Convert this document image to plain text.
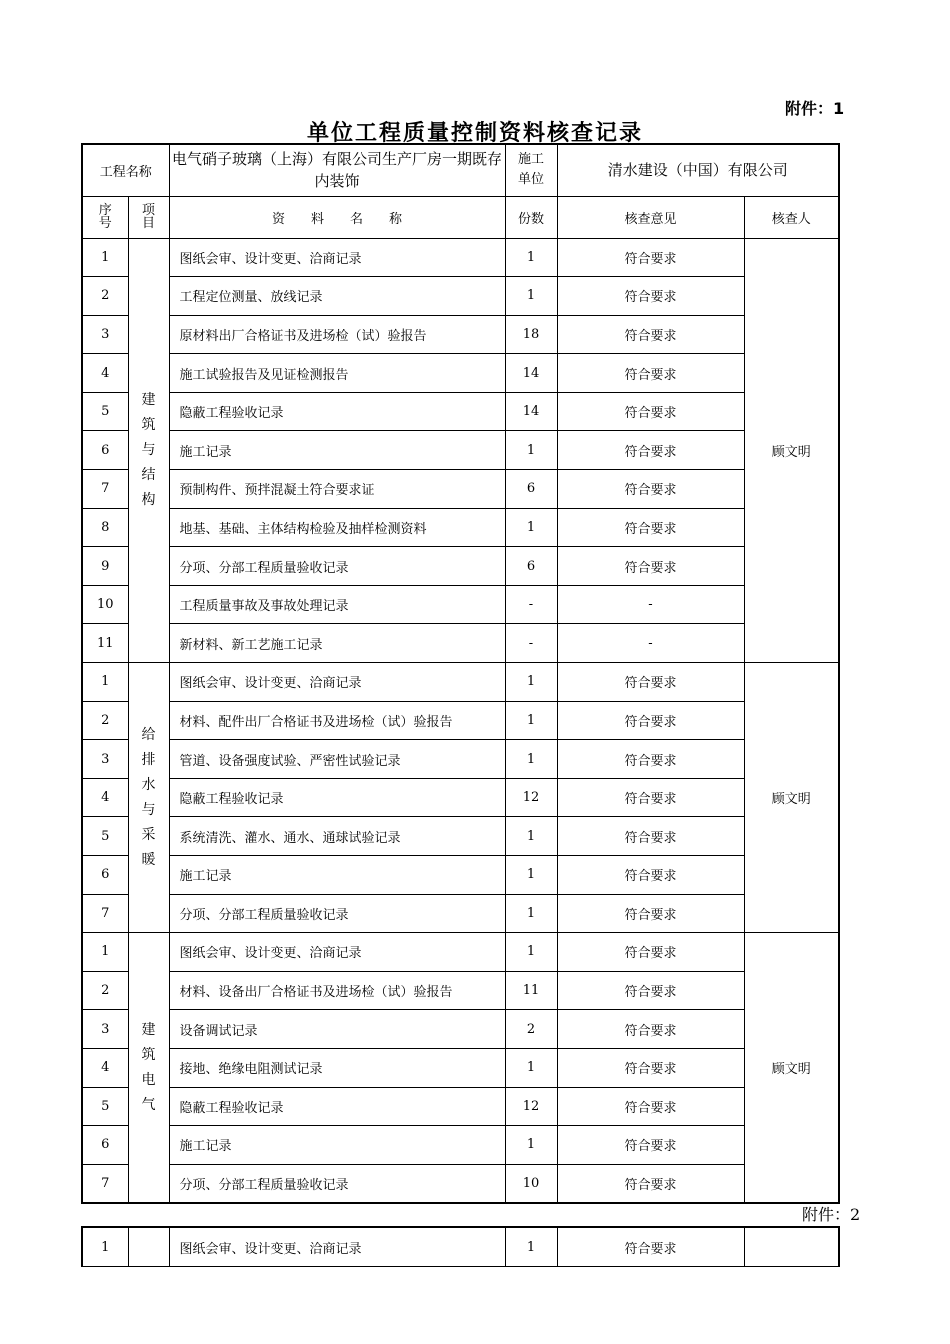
附件：1
单位工程质量控制资料核查记录
工程名称		电气硝子玻璃（上海）有限公司生产厂房一期既存内装饰	施工单位	清水建设（中国）有限公司	
序号	项目	资　　料　　名　　称	份数	核查意见	核查人
1	建筑与结构	图纸会审、设计变更、洽商记录	1	符合要求	顾文明
2		工程定位测量、放线记录	1	符合要求	
3		原材料出厂合格证书及进场检（试）验报告	18	符合要求	
4		施工试验报告及见证检测报告	14	符合要求	
5		隐蔽工程验收记录	14	符合要求	
6		施工记录	1	符合要求	
7		预制构件、预拌混凝土符合要求证	6	符合要求	
8		地基、基础、主体结构检验及抽样检测资料	1	符合要求	
9		分项、分部工程质量验收记录	6	符合要求	
10		工程质量事故及事故处理记录	-	-	
11		新材料、新工艺施工记录	-	-	
1	给排水与采暖	图纸会审、设计变更、洽商记录	1	符合要求	顾文明
2		材料、配件出厂合格证书及进场检（试）验报告	1	符合要求	
3		管道、设备强度试验、严密性试验记录	1	符合要求	
4		隐蔽工程验收记录	12	符合要求	
5		系统清洗、灌水、通水、通球试验记录	1	符合要求	
6		施工记录	1	符合要求	
7		分项、分部工程质量验收记录	1	符合要求	
1	建筑电气	图纸会审、设计变更、洽商记录	1	符合要求	顾文明
2		材料、设备出厂合格证书及进场检（试）验报告	11	符合要求	
3		设备调试记录	2	符合要求	
4		接地、绝缘电阻测试记录	1	符合要求	
5		隐蔽工程验收记录	12	符合要求	
6		施工记录	1	符合要求	
7		分项、分部工程质量验收记录	10	符合要求	
附件：2
1		图纸会审、设计变更、洽商记录	1	符合要求	
